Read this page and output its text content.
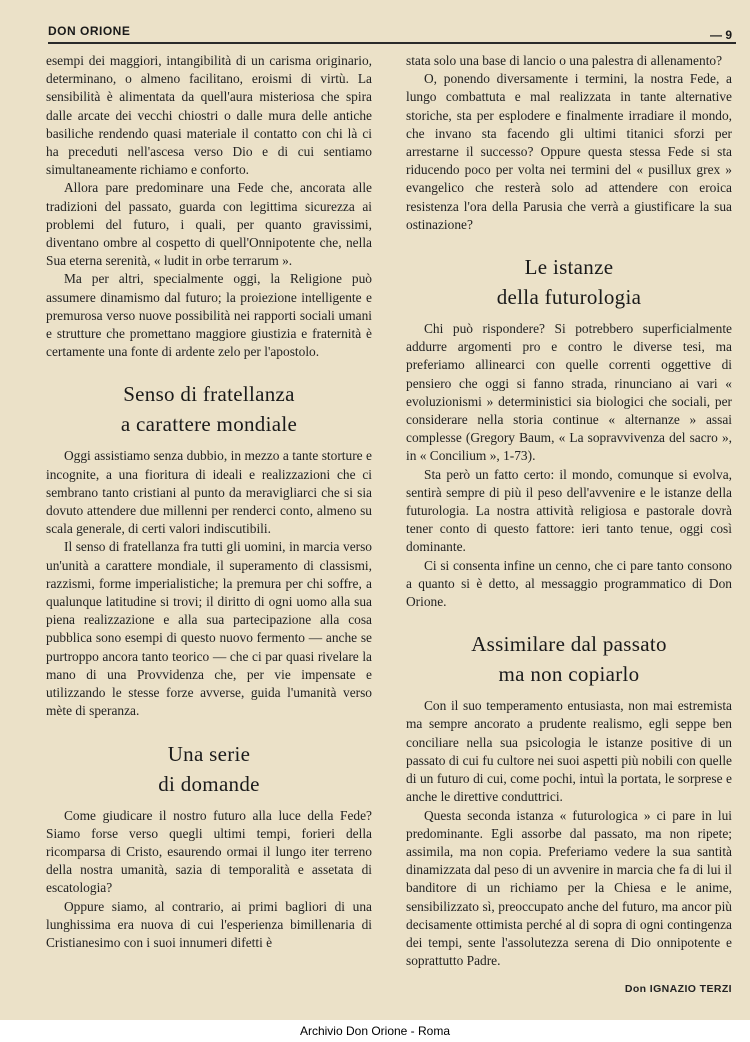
DON ORIONE	— 9

esempi dei maggiori, intangibilità di un carisma originario, determinano, o almeno facilitano, eroismi di virtù. La sensibilità è alimentata da quell'aura misteriosa che spira dalle arcate dei vecchi chiostri o dalle mura delle antiche basiliche rendendo quasi materiale il contatto con chi là ci ha preceduti nell'ascesa verso Dio e di cui sentiamo simultaneamente richiamo e conforto.

Allora pare predominare una Fede che, ancorata alle tradizioni del passato, guarda con legittima sicurezza ai problemi del futuro, i quali, per quanto gravissimi, diventano ombre al cospetto di quell'Onnipotente che, nella Sua eterna serenità, « ludit in orbe terrarum ».

Ma per altri, specialmente oggi, la Religione può assumere dinamismo dal futuro; la proiezione intelligente e premurosa verso nuove possibilità nei rapporti sociali umani e strutture che promettano maggiore giustizia e fraternità è certamente una fonte di ardente zelo per l'apostolo.

Senso di fratellanza
a carattere mondiale

Oggi assistiamo senza dubbio, in mezzo a tante storture e incognite, a una fioritura di ideali e realizzazioni che ci sembrano tanto cristiani al punto da meravigliarci che si sia dovuto attendere due millenni per renderci conto, almeno su scala generale, di certi valori indiscutibili.

Il senso di fratellanza fra tutti gli uomini, in marcia verso un'unità a carattere mondiale, il superamento di classismi, razzismi, forme imperialistiche; la premura per chi soffre, a qualunque latitudine si trovi; il diritto di ogni uomo alla sua piena realizzazione e alla sua partecipazione alla cosa pubblica sono esempi di questo nuovo fermento — anche se purtroppo ancora tanto teorico — che ci par quasi rivelare la mano di una Provvidenza che, per vie impensate e utilizzando le stesse forze avverse, guida l'umanità verso mète di speranza.

Una serie
di domande

Come giudicare il nostro futuro alla luce della Fede? Siamo forse verso quegli ultimi tempi, forieri della ricomparsa di Cristo, esaurendo ormai il lungo iter terreno della nostra umanità, sazia di temporalità e assetata di escatologia?

Oppure siamo, al contrario, ai primi bagliori di una lunghissima era nuova di cui l'esperienza bimillenaria di Cristianesimo con i suoi innumeri difetti è

stata solo una base di lancio o una palestra di allenamento?

O, ponendo diversamente i termini, la nostra Fede, a lungo combattuta e mal realizzata in tante alternative storiche, sta per esplodere e finalmente irradiare il mondo, che invano sta facendo gli ultimi titanici sforzi per arrestarne il successo? Oppure questa stessa Fede si sta riducendo poco per volta nei termini del « pusillux grex » evangelico che resterà solo ad attendere con eroica resistenza l'ora della Parusia che verrà a giustificare la sua ostinazione?

Le istanze
della futurologia

Chi può rispondere? Si potrebbero superficialmente addurre argomenti pro e contro le diverse tesi, ma preferiamo allinearci con quelle correnti oggettive di pensiero che oggi si fanno strada, rinunciano ai vari « evoluzionismi » deterministici sia biologici che sociali, per considerare nella storia continue « alternanze » assai complesse (Gregory Baum, « La sopravvivenza del sacro », in « Concilium », 1-73).

Sta però un fatto certo: il mondo, comunque si evolva, sentirà sempre di più il peso dell'avvenire e le istanze della futurologia. La nostra attività religiosa e pastorale dovrà tener conto di questo fattore: ieri tanto tenue, oggi così dominante.

Ci si consenta infine un cenno, che ci pare tanto consono a quanto si è detto, al messaggio programmatico di Don Orione.

Assimilare dal passato
ma non copiarlo

Con il suo temperamento entusiasta, non mai estremista ma sempre ancorato a prudente realismo, egli seppe ben conciliare nella sua psicologia le istanze positive di un passato di cui fu cultore nei suoi aspetti più nobili con quelle di un futuro di cui, come pochi, intuì la portata, le sorprese e anche le direttive conduttrici.

Questa seconda istanza « futurologica » ci pare in lui predominante. Egli assorbe dal passato, ma non ripete; assimila, ma non copia. Preferiamo vedere la sua santità dinamizzata dal peso di un avvenire in marcia che fa di lui il banditore di un richiamo per la Chiesa e le anime, sensibilizzato sì, preoccupato anche del futuro, ma ancor più decisamente ottimista perché al di sopra di ogni contingenza dei tempi, sente l'assolutezza serena di Dio onnipotente e soprattutto Padre.

Don IGNAZIO TERZI
Archivio Don Orione - Roma
